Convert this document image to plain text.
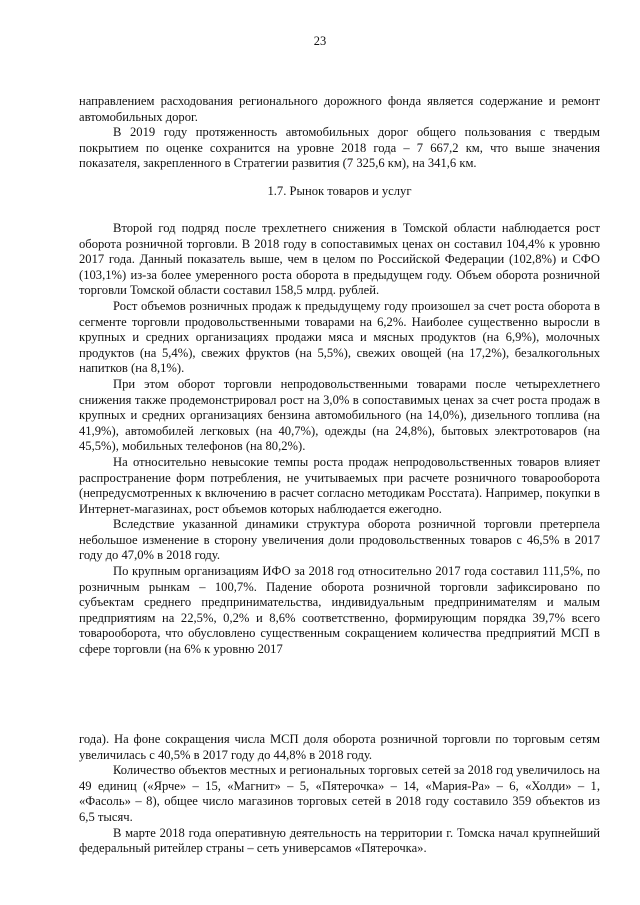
23

направлением расходования регионального дорожного фонда является содержание и ремонт автомобильных дорог.

В 2019 году протяженность автомобильных дорог общего пользования с твердым покрытием по оценке сохранится на уровне 2018 года – 7 667,2 км, что выше значения показателя, закрепленного в Стратегии развития (7 325,6 км), на 341,6 км.

1.7. Рынок товаров и услуг

Второй год подряд после трехлетнего снижения в Томской области наблюдается рост оборота розничной торговли. В 2018 году в сопоставимых ценах он составил 104,4% к уровню 2017 года. Данный показатель выше, чем в целом по Российской Федерации (102,8%) и СФО (103,1%) из-за более умеренного роста оборота в предыдущем году. Объем оборота розничной торговли Томской области составил 158,5 млрд. рублей.

Рост объемов розничных продаж к предыдущему году произошел за счет роста оборота в сегменте торговли продовольственными товарами на 6,2%. Наиболее существенно выросли в крупных и средних организациях продажи мяса и мясных продуктов (на 6,9%), молочных продуктов (на 5,4%), свежих фруктов (на 5,5%), свежих овощей (на 17,2%), безалкогольных напитков (на 8,1%).

При этом оборот торговли непродовольственными товарами после четырехлетнего снижения также продемонстрировал рост на 3,0% в сопоставимых ценах за счет роста продаж в крупных и средних организациях бензина автомобильного (на 14,0%), дизельного топлива (на 41,9%), автомобилей легковых (на 40,7%), одежды (на 24,8%), бытовых электротоваров (на 45,5%), мобильных телефонов (на 80,2%).

На относительно невысокие темпы роста продаж непродовольственных товаров влияет распространение форм потребления, не учитываемых при расчете розничного товарооборота (непредусмотренных к включению в расчет согласно методикам Росстата). Например, покупки в Интернет-магазинах, рост объемов которых наблюдается ежегодно.

Вследствие указанной динамики структура оборота розничной торговли претерпела небольшое изменение в сторону увеличения доли продовольственных товаров с 46,5% в 2017 году до 47,0% в 2018 году.

По крупным организациям ИФО за 2018 год относительно 2017 года составил 111,5%, по розничным рынкам – 100,7%. Падение оборота розничной торговли зафиксировано по субъектам среднего предпринимательства, индивидуальным предпринимателям и малым предприятиям на 22,5%, 0,2% и 8,6% соответственно, формирующим порядка 39,7% всего товарооборота, что обусловлено существенным сокращением количества предприятий МСП в сфере торговли (на 6% к уровню 2017

года). На фоне сокращения числа МСП доля оборота розничной торговли по торговым сетям увеличилась с 40,5% в 2017 году до 44,8% в 2018 году.

Количество объектов местных и региональных торговых сетей за 2018 год увеличилось на 49 единиц («Ярче» – 15, «Магнит» – 5, «Пятерочка» – 14, «Мария-Ра» – 6, «Холди» – 1, «Фасоль» – 8), общее число магазинов торговых сетей в 2018 году составило 359 объектов из 6,5 тысяч.

В марте 2018 года оперативную деятельность на территории г. Томска начал крупнейший федеральный ритейлер страны – сеть универсамов «Пятерочка».
